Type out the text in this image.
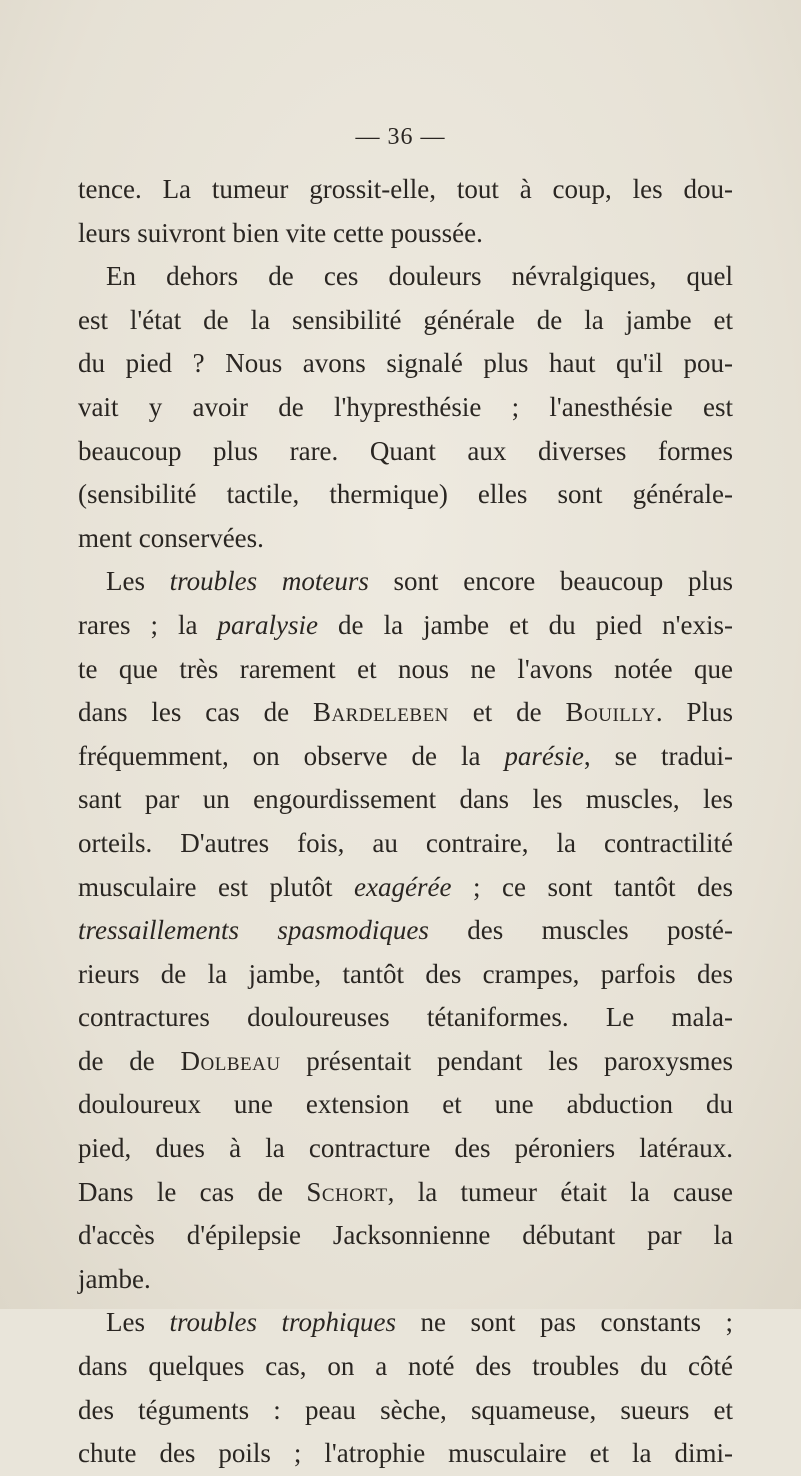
— 36 —
tence. La tumeur grossit-elle, tout à coup, les dou-
leurs suivront bien vite cette poussée.
En dehors de ces douleurs névralgiques, quel
est l'état de la sensibilité générale de la jambe et
du pied ? Nous avons signalé plus haut qu'il pou-
vait y avoir de l'hypresthésie ; l'anesthésie est
beaucoup plus rare. Quant aux diverses formes
(sensibilité tactile, thermique) elles sont générale-
ment conservées.
Les troubles moteurs sont encore beaucoup plus
rares ; la paralysie de la jambe et du pied n'exis-
te que très rarement et nous ne l'avons notée que
dans les cas de Bardeleben et de Bouilly. Plus
fréquemment, on observe de la parésie, se tradui-
sant par un engourdissement dans les muscles, les
orteils. D'autres fois, au contraire, la contractilité
musculaire est plutôt exagérée ; ce sont tantôt des
tressaillements spasmodiques des muscles posté-
rieurs de la jambe, tantôt des crampes, parfois des
contractures douloureuses tétaniformes. Le mala-
de de Dolbeau présentait pendant les paroxysmes
douloureux une extension et une abduction du
pied, dues à la contracture des péroniers latéraux.
Dans le cas de Schort, la tumeur était la cause
d'accès d'épilepsie Jacksonnienne débutant par la
jambe.
Les troubles trophiques ne sont pas constants ;
dans quelques cas, on a noté des troubles du côté
des téguments : peau sèche, squameuse, sueurs et
chute des poils ; l'atrophie musculaire et la dimi-
